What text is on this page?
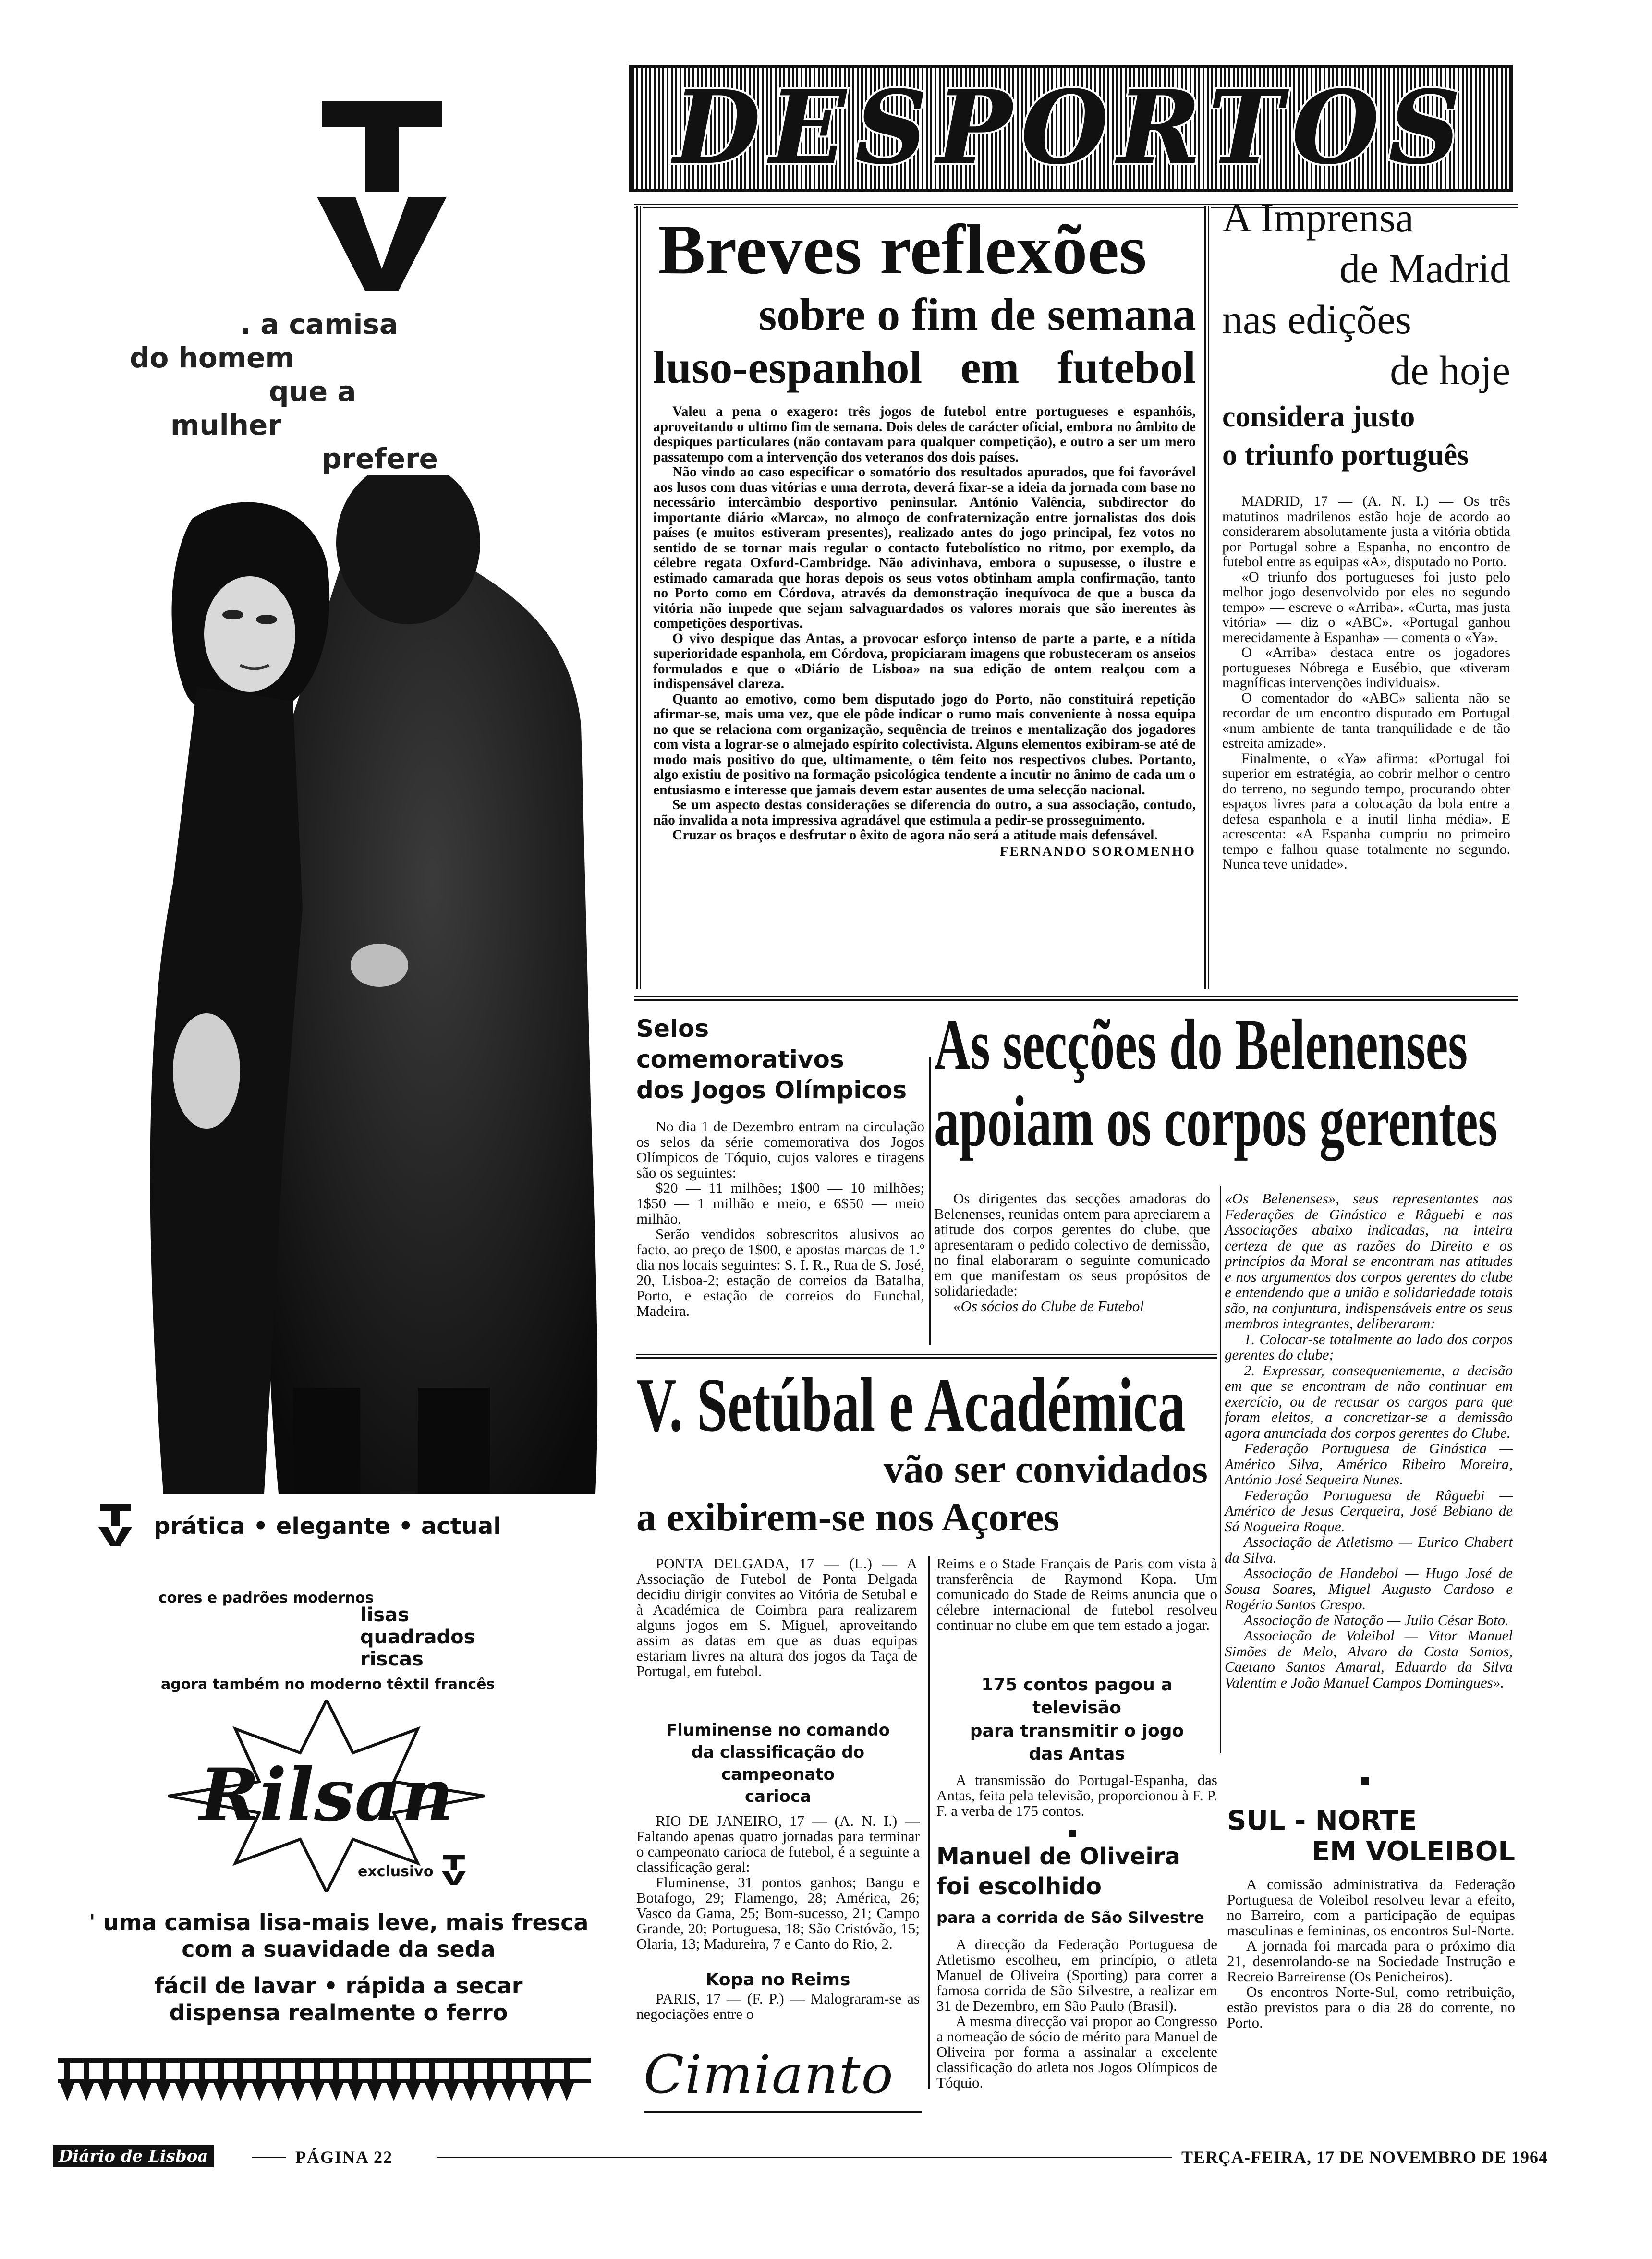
. a camisa
do homem
que a
mulher
prefere
prática • elegante • actual
cores e padrões modernos
lisas
quadrados
riscas
agora também no moderno têxtil francês
Rilsan
exclusivo
' uma camisa lisa-mais leve, mais fresca
com a suavidade da seda
fácil de lavar • rápida a secar
dispensa realmente o ferro
DESPORTOS
Breves reflexões
sobre o fim de semana
luso-espanhol em futebol

Valeu a pena o exagero: três jogos de futebol entre portugueses e espanhóis, aproveitando o ultimo fim de semana. Dois deles de carácter oficial, embora no âmbito de despiques particulares (não contavam para qualquer competição), e outro a ser um mero passatempo com a intervenção dos veteranos dos dois países.

Não vindo ao caso especificar o somatório dos resultados apurados, que foi favorável aos lusos com duas vitórias e uma derrota, deverá fixar-se a ideia da jornada com base no necessário intercâmbio desportivo peninsular. António Valência, subdirector do importante diário «Marca», no almoço de confraternização entre jornalistas dos dois países (e muitos estiveram presentes), realizado antes do jogo principal, fez votos no sentido de se tornar mais regular o contacto futebolístico no ritmo, por exemplo, da célebre regata Oxford-Cambridge. Não adivinhava, embora o supusesse, o ilustre e estimado camarada que horas depois os seus votos obtinham ampla confirmação, tanto no Porto como em Córdova, através da demonstração inequívoca de que a busca da vitória não impede que sejam salvaguardados os valores morais que são inerentes às competições desportivas.

O vivo despique das Antas, a provocar esforço intenso de parte a parte, e a nítida superioridade espanhola, em Córdova, propiciaram imagens que robusteceram os anseios formulados e que o «Diário de Lisboa» na sua edição de ontem realçou com a indispensável clareza.

Quanto ao emotivo, como bem disputado jogo do Porto, não constituirá repetição afirmar-se, mais uma vez, que ele pôde indicar o rumo mais conveniente à nossa equipa no que se relaciona com organização, sequência de treinos e mentalização dos jogadores com vista a lograr-se o almejado espírito colectivista. Alguns elementos exibiram-se até de modo mais positivo do que, ultimamente, o têm feito nos respectivos clubes. Portanto, algo existiu de positivo na formação psicológica tendente a incutir no ânimo de cada um o entusiasmo e interesse que jamais devem estar ausentes de uma selecção nacional.

Se um aspecto destas considerações se diferencia do outro, a sua associação, contudo, não invalida a nota impressiva agradável que estimula a pedir-se prosseguimento.

Cruzar os braços e desfrutar o êxito de agora não será a atitude mais defensável.

FERNANDO SOROMENHO
A Imprensa
de Madrid
nas edições
de hoje
considera justo
o triunfo português

MADRID, 17 — (A. N. I.) — Os três matutinos madrilenos estão hoje de acordo ao considerarem absolutamente justa a vitória obtida por Portugal sobre a Espanha, no encontro de futebol entre as equipas «A», disputado no Porto.

«O triunfo dos portugueses foi justo pelo melhor jogo desenvolvido por eles no segundo tempo» — escreve o «Arriba». «Curta, mas justa vitória» — diz o «ABC». «Portugal ganhou merecidamente à Espanha» — comenta o «Ya».

O «Arriba» destaca entre os jogadores portugueses Nóbrega e Eusébio, que «tiveram magníficas intervenções individuais».

O comentador do «ABC» salienta não se recordar de um encontro disputado em Portugal «num ambiente de tanta tranquilidade e de tão estreita amizade».

Finalmente, o «Ya» afirma: «Portugal foi superior em estratégia, ao cobrir melhor o centro do terreno, no segundo tempo, procurando obter espaços livres para a colocação da bola entre a defesa espanhola e a inutil linha média». E acrescenta: «A Espanha cumpriu no primeiro tempo e falhou quase totalmente no segundo. Nunca teve unidade».

Selos comemorativos
dos Jogos Olímpicos

No dia 1 de Dezembro entram na circulação os selos da série comemorativa dos Jogos Olímpicos de Tóquio, cujos valores e tiragens são os seguintes:

$20 — 11 milhões; 1$00 — 10 milhões; 1$50 — 1 milhão e meio, e 6$50 — meio milhão.

Serão vendidos sobrescritos alusivos ao facto, ao preço de 1$00, e apostas marcas de 1.º dia nos locais seguintes: S. I. R., Rua de S. José, 20, Lisboa-2; estação de correios da Batalha, Porto, e estação de correios do Funchal, Madeira.

As secções do Belenenses
apoiam os corpos gerentes

Os dirigentes das secções amadoras do Belenenses, reunidas ontem para apreciarem a atitude dos corpos gerentes do clube, que apresentaram o pedido colectivo de demissão, no final elaboraram o seguinte comunicado em que manifestam os seus propósitos de solidariedade:

«Os sócios do Clube de Futebol

«Os Belenenses», seus representantes nas Federações de Ginástica e Râguebi e nas Associações abaixo indicadas, na inteira certeza de que as razões do Direito e os princípios da Moral se encontram nas atitudes e nos argumentos dos corpos gerentes do clube e entendendo que a união e solidariedade totais são, na conjuntura, indispensáveis entre os seus membros integrantes, deliberaram:

1. Colocar-se totalmente ao lado dos corpos gerentes do clube;

2. Expressar, consequentemente, a decisão em que se encontram de não continuar em exercício, ou de recusar os cargos para que foram eleitos, a concretizar-se a demissão agora anunciada dos corpos gerentes do Clube.

Federação Portuguesa de Ginástica — Américo Silva, Américo Ribeiro Moreira, António José Sequeira Nunes.

Federação Portuguesa de Râguebi — Américo de Jesus Cerqueira, José Bebiano de Sá Nogueira Roque.

Associação de Atletismo — Eurico Chabert da Silva.

Associação de Handebol — Hugo José de Sousa Soares, Miguel Augusto Cardoso e Rogério Santos Crespo.

Associação de Natação — Julio César Boto.

Associação de Voleibol — Vitor Manuel Simões de Melo, Alvaro da Costa Santos, Caetano Santos Amaral, Eduardo da Silva Valentim e João Manuel Campos Domingues».

V. Setúbal e Académica
vão ser convidados
a exibirem-se nos Açores

PONTA DELGADA, 17 — (L.) — A Associação de Futebol de Ponta Delgada decidiu dirigir convites ao Vitória de Setubal e à Académica de Coimbra para realizarem alguns jogos em S. Miguel, aproveitando assim as datas em que as duas equipas estariam livres na altura dos jogos da Taça de Portugal, em futebol.

Reims e o Stade Français de Paris com vista à transferência de Raymond Kopa. Um comunicado do Stade de Reims anuncia que o célebre internacional de futebol resolveu continuar no clube em que tem estado a jogar.

Fluminense no comando
da classificação do campeonato
carioca

RIO DE JANEIRO, 17 — (A. N. I.) — Faltando apenas quatro jornadas para terminar o campeonato carioca de futebol, é a seguinte a classificação geral:

Fluminense, 31 pontos ganhos; Bangu e Botafogo, 29; Flamengo, 28; América, 26; Vasco da Gama, 25; Bom-sucesso, 21; Campo Grande, 20; Portuguesa, 18; São Cristóvão, 15; Olaria, 13; Madureira, 7 e Canto do Rio, 2.

Kopa no Reims
PARIS, 17 — (F. P.) — Malograram-se as negociações entre o
175 contos pagou a televisão
para transmitir o jogo
das Antas
A transmissão do Portugal-Espanha, das Antas, feita pela televisão, proporcionou à F. P. F. a verba de 175 contos.
Manuel de Oliveira
foi escolhido
para a corrida de São Silvestre

A direcção da Federação Portuguesa de Atletismo escolheu, em princípio, o atleta Manuel de Oliveira (Sporting) para correr a famosa corrida de São Silvestre, a realizar em 31 de Dezembro, em São Paulo (Brasil).

A mesma direcção vai propor ao Congresso a nomeação de sócio de mérito para Manuel de Oliveira por forma a assinalar a excelente classificação do atleta nos Jogos Olímpicos de Tóquio.

Cimianto
SUL - NORTE
EM VOLEIBOL

A comissão administrativa da Federação Portuguesa de Voleibol resolveu levar a efeito, no Barreiro, com a participação de equipas masculinas e femininas, os encontros Sul-Norte.

A jornada foi marcada para o próximo dia 21, desenrolando-se na Sociedade Instrução e Recreio Barreirense (Os Penicheiros).

Os encontros Norte-Sul, como retribuição, estão previstos para o dia 28 do corrente, no Porto.

Diário de Lisboa	PÁGINA 22	TERÇA-FEIRA, 17 DE NOVEMBRO DE 1964
